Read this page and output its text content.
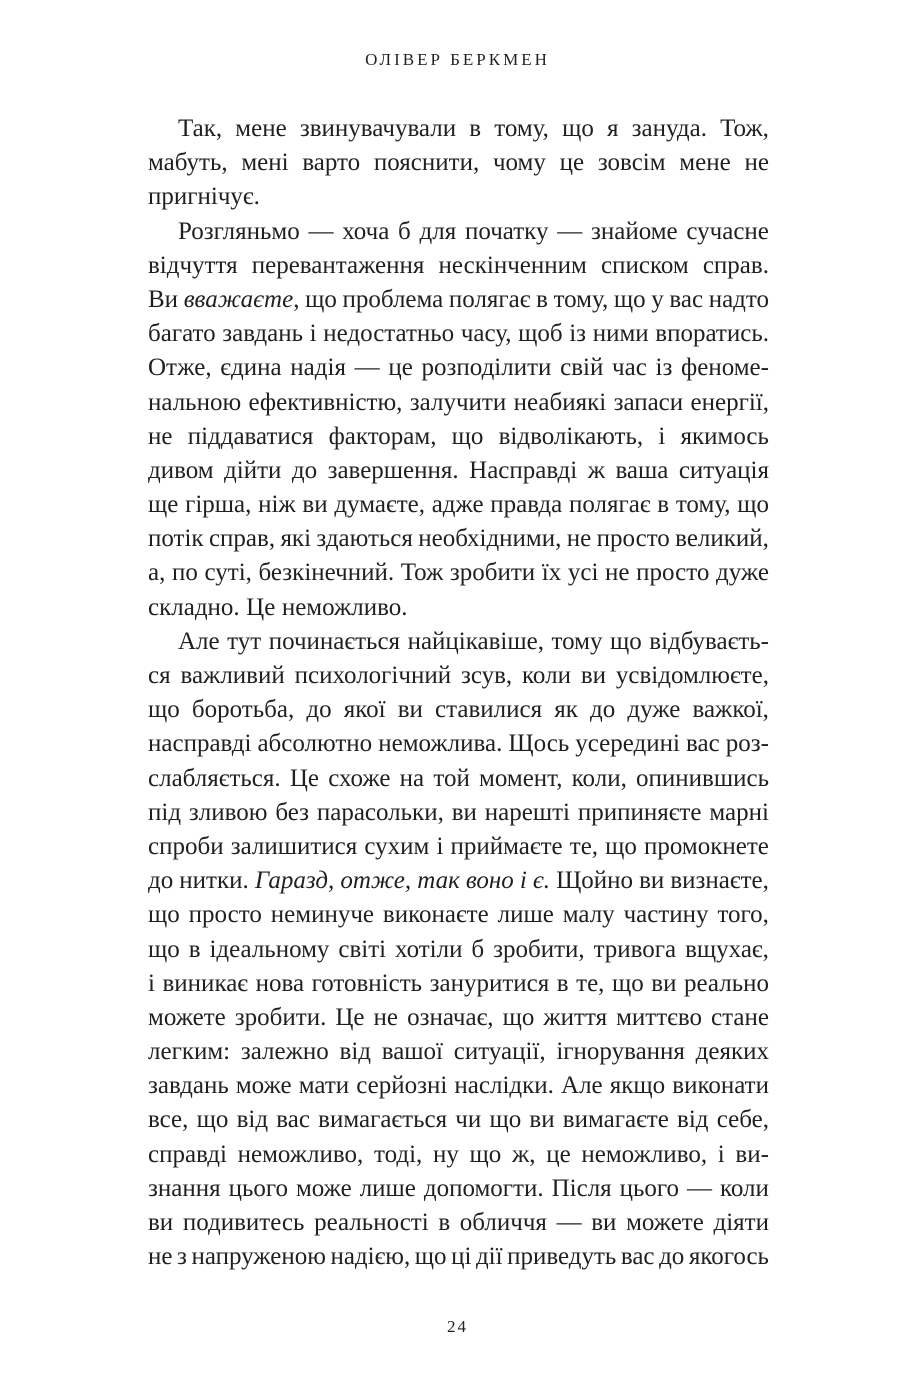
ОЛІВЕР БЕРКМЕН
Так, мене звинувачували в тому, що я зануда. Тож,
мабуть, мені варто пояснити, чому це зовсім мене не
пригнічує.
Розгляньмо — хоча б для початку — знайоме сучасне
відчуття перевантаження нескінченним списком справ.
Ви вважаєте, що проблема полягає в тому, що у вас надто
багато завдань і недостатньо часу, щоб із ними впоратись.
Отже, єдина надія — це розподілити свій час із феноме-
нальною ефективністю, залучити неабиякі запаси енергії,
не піддаватися факторам, що відволікають, і якимось
дивом дійти до завершення. Насправді ж ваша ситуація
ще гірша, ніж ви думаєте, адже правда полягає в тому, що
потік справ, які здаються необхідними, не просто великий,
а, по суті, безкінечний. Тож зробити їх усі не просто дуже
складно. Це неможливо.
Але тут починається найцікавіше, тому що відбуваєть-
ся важливий психологічний зсув, коли ви усвідомлюєте,
що боротьба, до якої ви ставилися як до дуже важкої,
насправді абсолютно неможлива. Щось усередині вас роз-
слабляється. Це схоже на той момент, коли, опинившись
під зливою без парасольки, ви нарешті припиняєте марні
спроби залишитися сухим і приймаєте те, що промокнете
до нитки. Гаразд, отже, так воно і є. Щойно ви визнаєте,
що просто неминуче виконаєте лише малу частину того,
що в ідеальному світі хотіли б зробити, тривога вщухає,
і виникає нова готовність зануритися в те, що ви реально
можете зробити. Це не означає, що життя миттєво стане
легким: залежно від вашої ситуації, ігнорування деяких
завдань може мати серйозні наслідки. Але якщо виконати
все, що від вас вимагається чи що ви вимагаєте від себе,
справді неможливо, тоді, ну що ж, це неможливо, і ви-
знання цього може лише допомогти. Після цього — коли
ви подивитесь реальності в обличчя — ви можете діяти
не з напруженою надією, що ці дії приведуть вас до якогось
24
